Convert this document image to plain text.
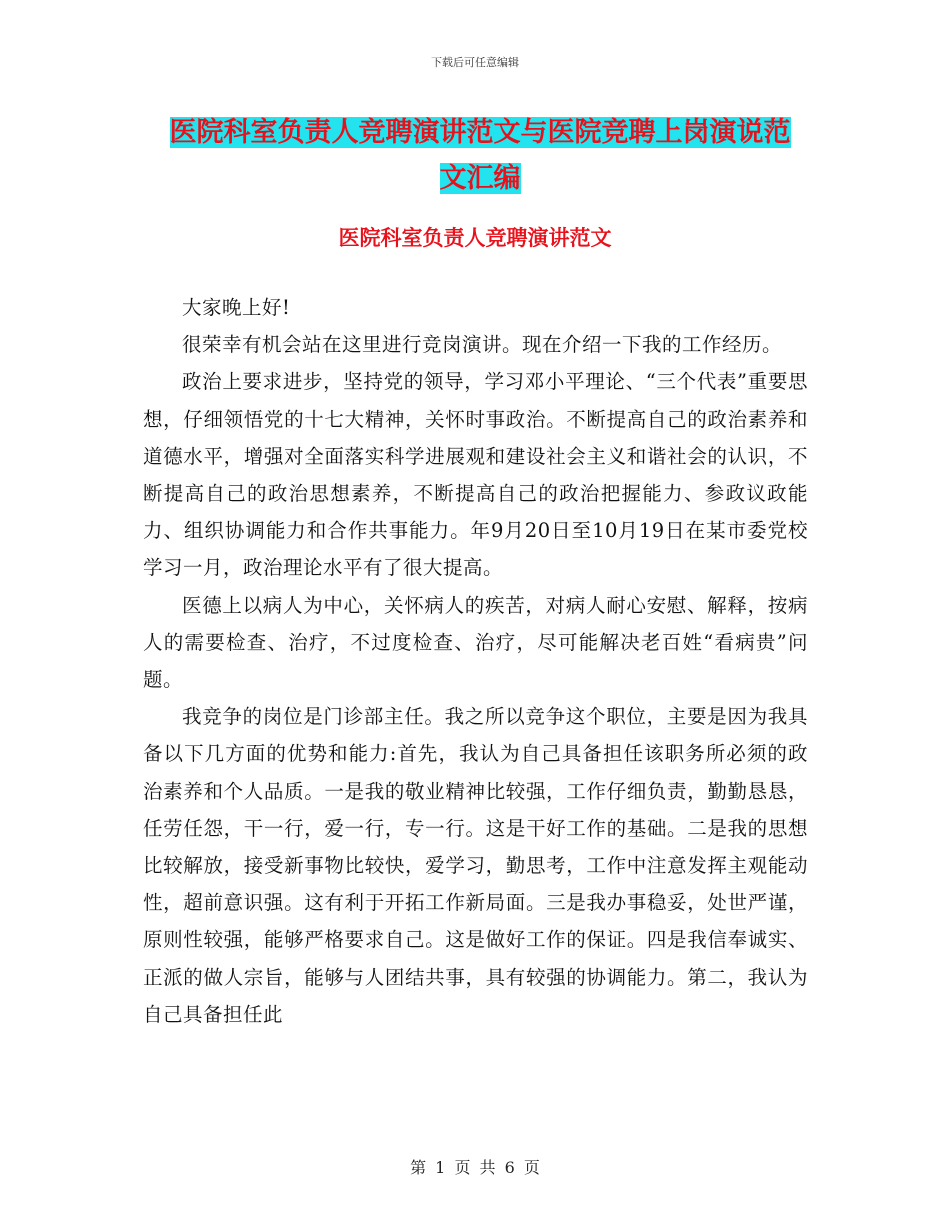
下载后可任意编辑
医院科室负责人竞聘演讲范文与医院竞聘上岗演说范
文汇编
医院科室负责人竞聘演讲范文

大家晚上好!

很荣幸有机会站在这里进行竞岗演讲。现在介绍一下我的工作经历。

政治上要求进步，坚持党的领导，学习邓小平理论、“三个代表”重要思想，仔细领悟党的十七大精神，关怀时事政治。不断提高自己的政治素养和道德水平，增强对全面落实科学进展观和建设社会主义和谐社会的认识，不断提高自己的政治思想素养，不断提高自己的政治把握能力、参政议政能力、组织协调能力和合作共事能力。年9月20日至10月19日在某市委党校学习一月，政治理论水平有了很大提高。

医德上以病人为中心，关怀病人的疾苦，对病人耐心安慰、解释，按病人的需要检查、治疗，不过度检查、治疗，尽可能解决老百姓“看病贵”问题。

我竞争的岗位是门诊部主任。我之所以竞争这个职位，主要是因为我具备以下几方面的优势和能力:首先，我认为自己具备担任该职务所必须的政治素养和个人品质。一是我的敬业精神比较强，工作仔细负责，勤勤恳恳，任劳任怨，干一行，爱一行，专一行。这是干好工作的基础。二是我的思想比较解放，接受新事物比较快，爱学习，勤思考，工作中注意发挥主观能动性，超前意识强。这有利于开拓工作新局面。三是我办事稳妥，处世严谨，原则性较强，能够严格要求自己。这是做好工作的保证。四是我信奉诚实、正派的做人宗旨，能够与人团结共事，具有较强的协调能力。第二，我认为自己具备担任此

第 1 页 共 6 页
